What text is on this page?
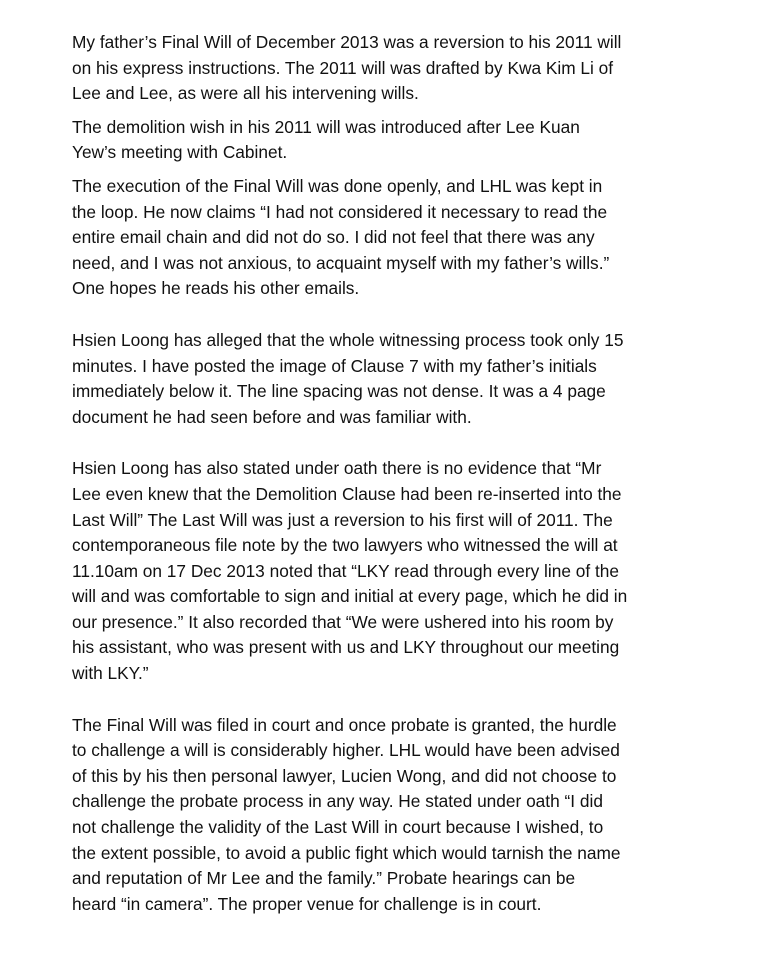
My father’s Final Will of December 2013 was a reversion to his 2011 will
on his express instructions. The 2011 will was drafted by Kwa Kim Li of
Lee and Lee, as were all his intervening wills.
The demolition wish in his 2011 will was introduced after Lee Kuan
Yew’s meeting with Cabinet.
The execution of the Final Will was done openly, and LHL was kept in
the loop. He now claims “I had not considered it necessary to read the
entire email chain and did not do so. I did not feel that there was any
need, and I was not anxious, to acquaint myself with my father’s wills.”
One hopes he reads his other emails.
Hsien Loong has alleged that the whole witnessing process took only 15
minutes. I have posted the image of Clause 7 with my father’s initials
immediately below it. The line spacing was not dense. It was a 4 page
document he had seen before and was familiar with.
Hsien Loong has also stated under oath there is no evidence that “Mr
Lee even knew that the Demolition Clause had been re-inserted into the
Last Will” The Last Will was just a reversion to his first will of 2011. The
contemporaneous file note by the two lawyers who witnessed the will at
11.10am on 17 Dec 2013 noted that “LKY read through every line of the
will and was comfortable to sign and initial at every page, which he did in
our presence.” It also recorded that “We were ushered into his room by
his assistant, who was present with us and LKY throughout our meeting
with LKY.”
The Final Will was filed in court and once probate is granted, the hurdle
to challenge a will is considerably higher. LHL would have been advised
of this by his then personal lawyer, Lucien Wong, and did not choose to
challenge the probate process in any way. He stated under oath “I did
not challenge the validity of the Last Will in court because I wished, to
the extent possible, to avoid a public fight which would tarnish the name
and reputation of Mr Lee and the family.” Probate hearings can be
heard “in camera”. The proper venue for challenge is in court.
